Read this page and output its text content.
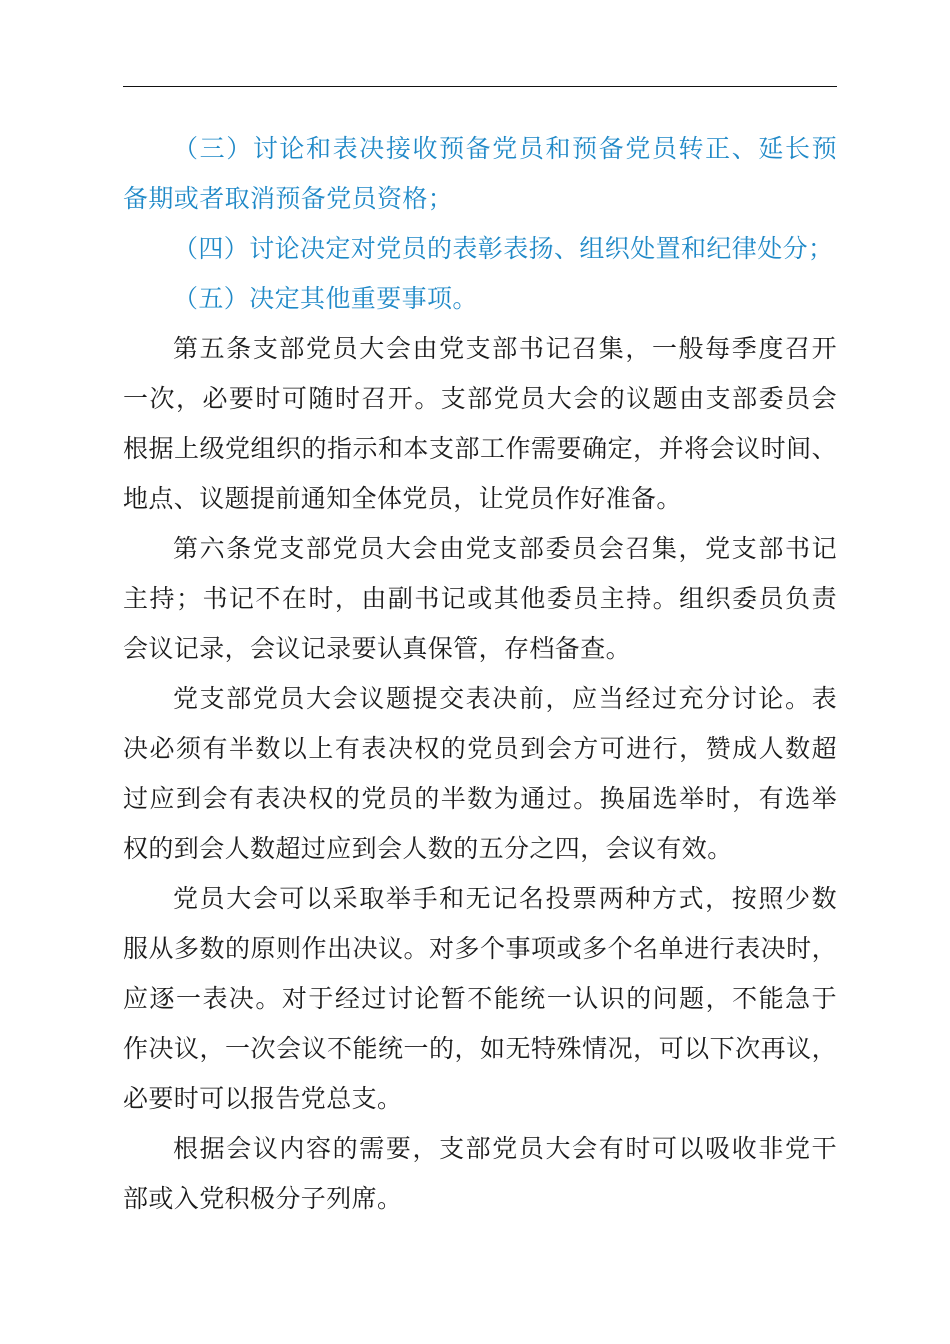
（三）讨论和表决接收预备党员和预备党员转正、延长预
备期或者取消预备党员资格；
（四）讨论决定对党员的表彰表扬、组织处置和纪律处分；
（五）决定其他重要事项。
第五条支部党员大会由党支部书记召集，一般每季度召开
一次，必要时可随时召开。支部党员大会的议题由支部委员会
根据上级党组织的指示和本支部工作需要确定，并将会议时间、
地点、议题提前通知全体党员，让党员作好准备。
第六条党支部党员大会由党支部委员会召集，党支部书记
主持；书记不在时，由副书记或其他委员主持。组织委员负责
会议记录，会议记录要认真保管，存档备查。
党支部党员大会议题提交表决前，应当经过充分讨论。表
决必须有半数以上有表决权的党员到会方可进行，赞成人数超
过应到会有表决权的党员的半数为通过。换届选举时，有选举
权的到会人数超过应到会人数的五分之四，会议有效。
党员大会可以采取举手和无记名投票两种方式，按照少数
服从多数的原则作出决议。对多个事项或多个名单进行表决时，
应逐一表决。对于经过讨论暂不能统一认识的问题，不能急于
作决议，一次会议不能统一的，如无特殊情况，可以下次再议，
必要时可以报告党总支。
根据会议内容的需要，支部党员大会有时可以吸收非党干
部或入党积极分子列席。
